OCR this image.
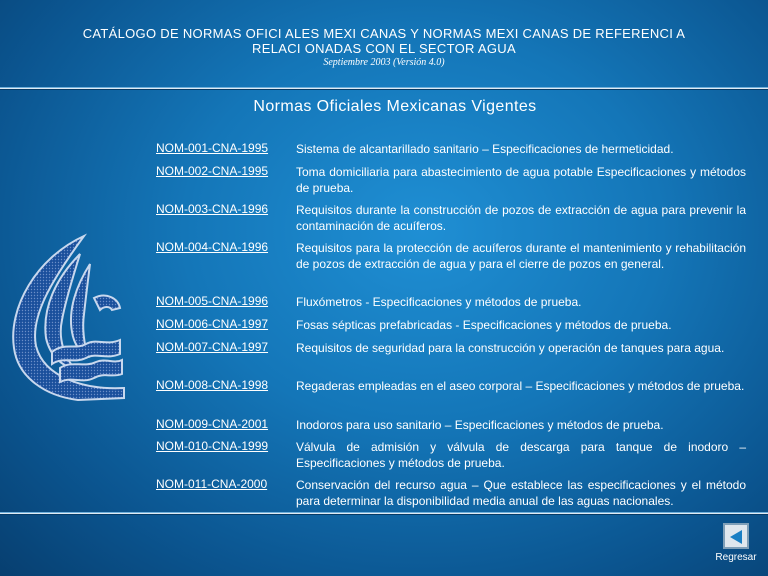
CATÁLOGO DE NORMAS OFICI ALES MEXI CANAS Y NORMAS MEXI CANAS DE REFERENCI A
RELACI ONADAS CON EL SECTOR AGUA
Septiembre 2003 (Versión 4.0)
Normas Oficiales Mexicanas Vigentes
NOM-001-CNA-1995 Sistema de alcantarillado sanitario – Especificaciones de hermeticidad.
NOM-002-CNA-1995 Toma domiciliaria para abastecimiento de agua potable Especificaciones y métodos de prueba.
NOM-003-CNA-1996 Requisitos durante la construcción de pozos de extracción de agua para prevenir la contaminación de acuíferos.
NOM-004-CNA-1996 Requisitos para la protección de acuíferos durante el mantenimiento y rehabilitación de pozos de extracción de agua y para el cierre de pozos en general.
NOM-005-CNA-1996 Fluxómetros - Especificaciones y métodos de prueba.
NOM-006-CNA-1997 Fosas sépticas prefabricadas - Especificaciones y métodos de prueba.
NOM-007-CNA-1997 Requisitos de seguridad para la construcción y operación de tanques para agua.
NOM-008-CNA-1998 Regaderas empleadas en el aseo corporal – Especificaciones y métodos de prueba.
NOM-009-CNA-2001 Inodoros para uso sanitario – Especificaciones y métodos de prueba.
NOM-010-CNA-1999 Válvula de admisión y válvula de descarga para tanque de inodoro – Especificaciones y métodos de prueba.
NOM-011-CNA-2000 Conservación del recurso agua – Que establece las especificaciones y el método para determinar la disponibilidad media anual de las aguas nacionales.
Regresar
